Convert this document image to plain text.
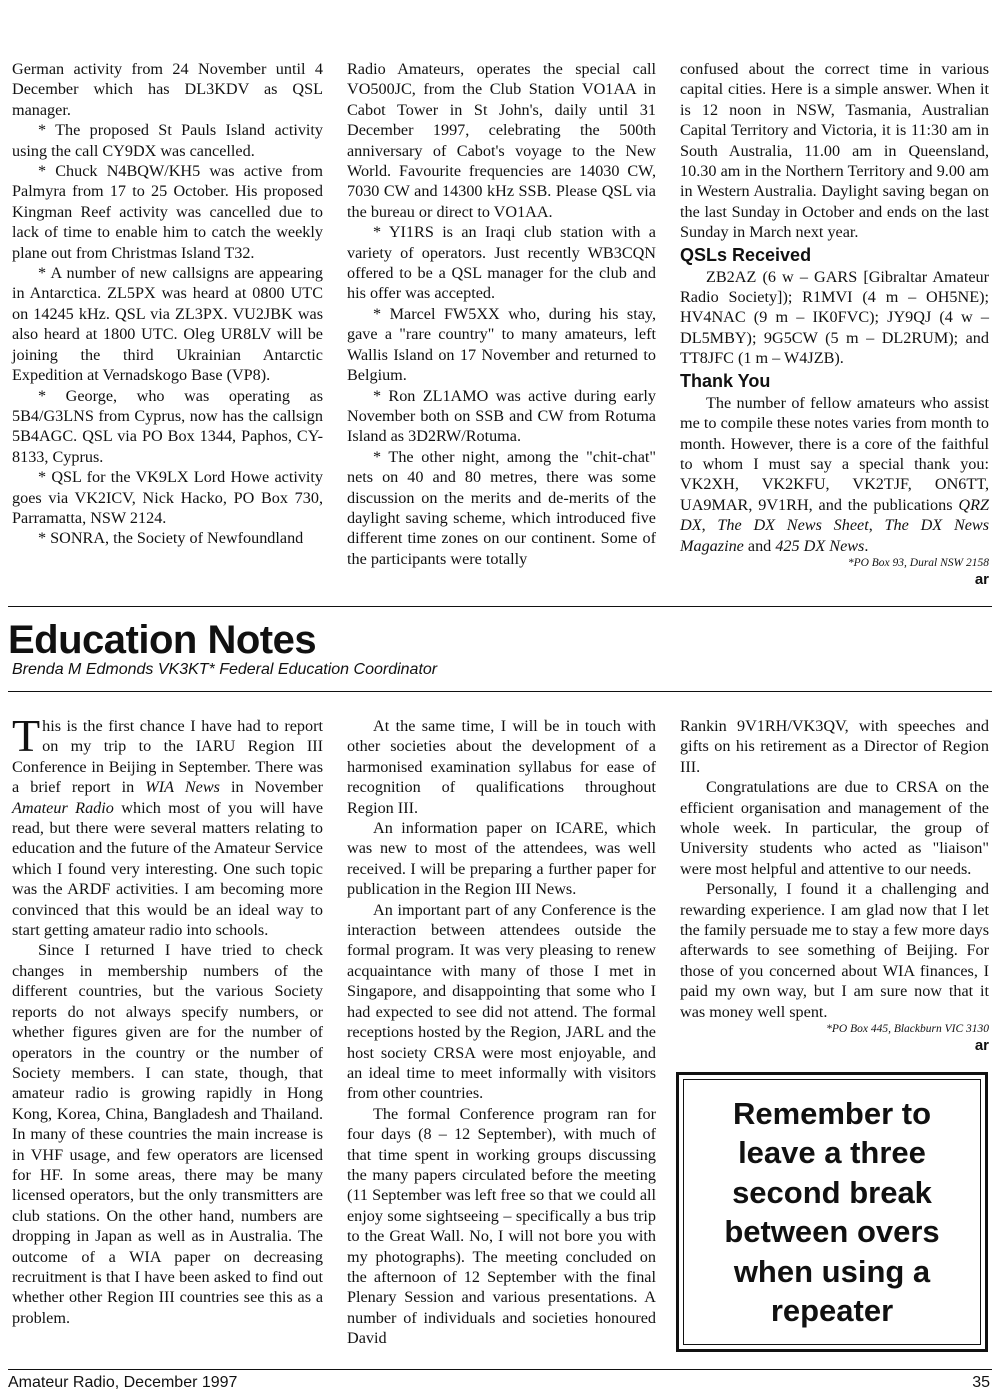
German activity from 24 November until 4 December which has DL3KDV as QSL manager.

* The proposed St Pauls Island activity using the call CY9DX was cancelled.

* Chuck N4BQW/KH5 was active from Palmyra from 17 to 25 October. His proposed Kingman Reef activity was cancelled due to lack of time to enable him to catch the weekly plane out from Christmas Island T32.

* A number of new callsigns are appearing in Antarctica. ZL5PX was heard at 0800 UTC on 14245 kHz. QSL via ZL3PX. VU2JBK was also heard at 1800 UTC. Oleg UR8LV will be joining the third Ukrainian Antarctic Expedition at Vernadskogo Base (VP8).

* George, who was operating as 5B4/G3LNS from Cyprus, now has the callsign 5B4AGC. QSL via PO Box 1344, Paphos, CY-8133, Cyprus.

* QSL for the VK9LX Lord Howe activity goes via VK2ICV, Nick Hacko, PO Box 730, Parramatta, NSW 2124.

* SONRA, the Society of Newfoundland

Radio Amateurs, operates the special call VO500JC, from the Club Station VO1AA in Cabot Tower in St John's, daily until 31 December 1997, celebrating the 500th anniversary of Cabot's voyage to the New World. Favourite frequencies are 14030 CW, 7030 CW and 14300 kHz SSB. Please QSL via the bureau or direct to VO1AA.

* YI1RS is an Iraqi club station with a variety of operators. Just recently WB3CQN offered to be a QSL manager for the club and his offer was accepted.

* Marcel FW5XX who, during his stay, gave a "rare country" to many amateurs, left Wallis Island on 17 November and returned to Belgium.

* Ron ZL1AMO was active during early November both on SSB and CW from Rotuma Island as 3D2RW/Rotuma.

* The other night, among the "chit-chat" nets on 40 and 80 metres, there was some discussion on the merits and de-merits of the daylight saving scheme, which introduced five different time zones on our continent. Some of the participants were totally

confused about the correct time in various capital cities. Here is a simple answer. When it is 12 noon in NSW, Tasmania, Australian Capital Territory and Victoria, it is 11:30 am in South Australia, 11.00 am in Queensland, 10.30 am in the Northern Territory and 9.00 am in Western Australia. Daylight saving began on the last Sunday in October and ends on the last Sunday in March next year.

QSLs Received

ZB2AZ (6 w – GARS [Gibraltar Amateur Radio Society]); R1MVI (4 m – OH5NE); HV4NAC (9 m – IK0FVC); JY9QJ (4 w – DL5MBY); 9G5CW (5 m – DL2RUM); and TT8JFC (1 m – W4JZB).

Thank You

The number of fellow amateurs who assist me to compile these notes varies from month to month. However, there is a core of the faithful to whom I must say a special thank you: VK2XH, VK2KFU, VK2TJF, ON6TT, UA9MAR, 9V1RH, and the publications QRZ DX, The DX News Sheet, The DX News Magazine and 425 DX News.

*PO Box 93, Dural NSW 2158

ar

Education Notes
Brenda M Edmonds VK3KT* Federal Education Coordinator

This is the first chance I have had to report on my trip to the IARU Region III Conference in Beijing in September. There was a brief report in WIA News in November Amateur Radio which most of you will have read, but there were several matters relating to education and the future of the Amateur Service which I found very interesting. One such topic was the ARDF activities. I am becoming more convinced that this would be an ideal way to start getting amateur radio into schools.

Since I returned I have tried to check changes in membership numbers of the different countries, but the various Society reports do not always specify numbers, or whether figures given are for the number of operators in the country or the number of Society members. I can state, though, that amateur radio is growing rapidly in Hong Kong, Korea, China, Bangladesh and Thailand. In many of these countries the main increase is in VHF usage, and few operators are licensed for HF. In some areas, there may be many licensed operators, but the only transmitters are club stations. On the other hand, numbers are dropping in Japan as well as in Australia. The outcome of a WIA paper on decreasing recruitment is that I have been asked to find out whether other Region III countries see this as a problem.

At the same time, I will be in touch with other societies about the development of a harmonised examination syllabus for ease of recognition of qualifications throughout Region III.

An information paper on ICARE, which was new to most of the attendees, was well received. I will be preparing a further paper for publication in the Region III News.

An important part of any Conference is the interaction between attendees outside the formal program. It was very pleasing to renew acquaintance with many of those I met in Singapore, and disappointing that some who I had expected to see did not attend. The formal receptions hosted by the Region, JARL and the host society CRSA were most enjoyable, and an ideal time to meet informally with visitors from other countries.

The formal Conference program ran for four days (8 – 12 September), with much of that time spent in working groups discussing the many papers circulated before the meeting (11 September was left free so that we could all enjoy some sightseeing – specifically a bus trip to the Great Wall. No, I will not bore you with my photographs). The meeting concluded on the afternoon of 12 September with the final Plenary Session and various presentations. A number of individuals and societies honoured David

Rankin 9V1RH/VK3QV, with speeches and gifts on his retirement as a Director of Region III.

Congratulations are due to CRSA on the efficient organisation and management of the whole week. In particular, the group of University students who acted as "liaison" were most helpful and attentive to our needs.

Personally, I found it a challenging and rewarding experience. I am glad now that I let the family persuade me to stay a few more days afterwards to see something of Beijing. For those of you concerned about WIA finances, I paid my own way, but I am sure now that it was money well spent.

*PO Box 445, Blackburn VIC 3130

ar

Remember to leave a three second break between overs when using a repeater
Amateur Radio, December 1997	35
